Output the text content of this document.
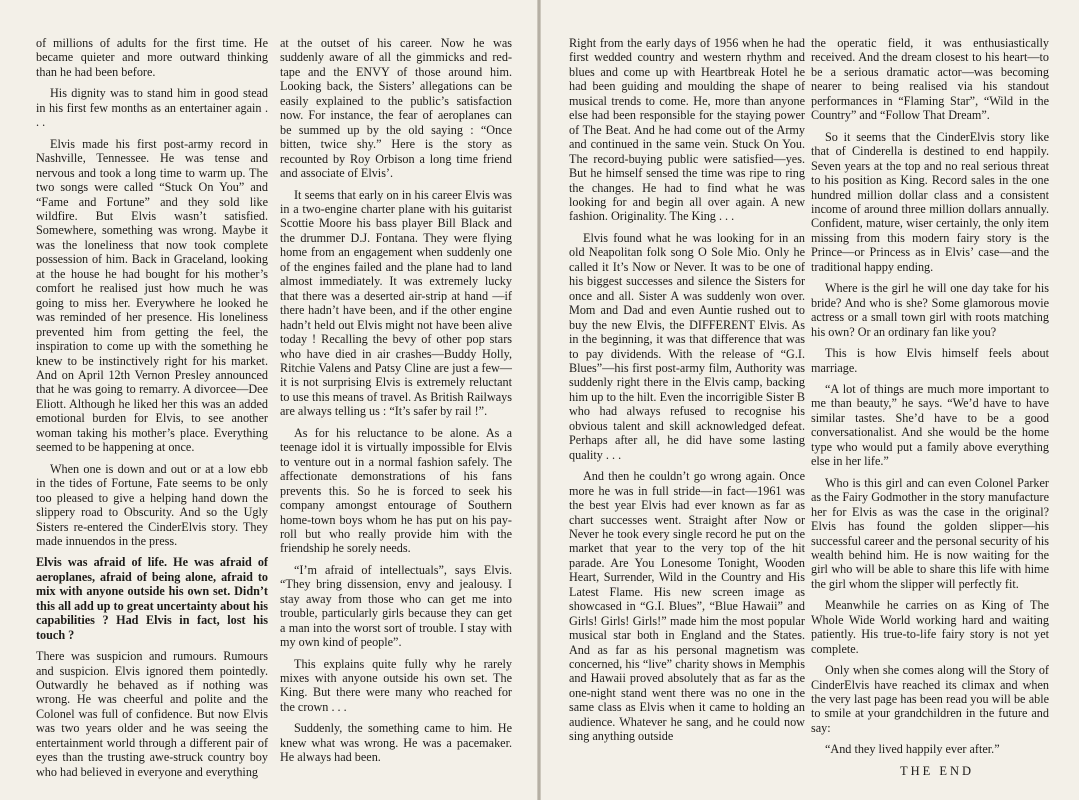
of millions of adults for the first time. He became quieter and more outward thinking than he had been before.

His dignity was to stand him in good stead in his first few months as an entertainer again . . .

Elvis made his first post-army record in Nashville, Tennessee. He was tense and nervous and took a long time to warm up. The two songs were called “Stuck On You” and “Fame and Fortune” and they sold like wildfire. But Elvis wasn’t satisfied. Somewhere, something was wrong. Maybe it was the loneliness that now took complete possession of him. Back in Graceland, looking at the house he had bought for his mother’s comfort he realised just how much he was going to miss her. Everywhere he looked he was reminded of her presence. His loneliness prevented him from getting the feel, the inspiration to come up with the something he knew to be instinctively right for his market. And on April 12th Vernon Presley announced that he was going to remarry. A divorcee—Dee Eliott. Although he liked her this was an added emotional burden for Elvis, to see another woman taking his mother’s place. Everything seemed to be happening at once.

When one is down and out or at a low ebb in the tides of Fortune, Fate seems to be only too pleased to give a helping hand down the slippery road to Obscurity. And so the Ugly Sisters re-entered the CinderElvis story. They made innuendos in the press.

Elvis was afraid of life. He was afraid of aeroplanes, afraid of being alone, afraid to mix with anyone outside his own set. Didn’t this all add up to great uncertainty about his capabilities ? Had Elvis in fact, lost his touch ?

There was suspicion and rumours. Rumours and suspicion. Elvis ignored them pointedly. Outwardly he behaved as if nothing was wrong. He was cheerful and polite and the Colonel was full of confidence. But now Elvis was two years older and he was seeing the entertainment world through a different pair of eyes than the trusting awe-struck country boy who had believed in everyone and everything

at the outset of his career. Now he was suddenly aware of all the gimmicks and red-tape and the ENVY of those around him. Looking back, the Sisters’ allegations can be easily explained to the public’s satisfaction now. For instance, the fear of aeroplanes can be summed up by the old saying : “Once bitten, twice shy.” Here is the story as recounted by Roy Orbison a long time friend and associate of Elvis’.

It seems that early on in his career Elvis was in a two-engine charter plane with his guitarist Scottie Moore his bass player Bill Black and the drummer D.J. Fontana. They were flying home from an engagement when suddenly one of the engines failed and the plane had to land almost immediately. It was extremely lucky that there was a deserted air-strip at hand —if there hadn’t have been, and if the other engine hadn’t held out Elvis might not have been alive today ! Recalling the bevy of other pop stars who have died in air crashes—Buddy Holly, Ritchie Valens and Patsy Cline are just a few—it is not surprising Elvis is extremely reluctant to use this means of travel. As British Railways are always telling us : “It’s safer by rail !”.

As for his reluctance to be alone. As a teenage idol it is virtually impossible for Elvis to venture out in a normal fashion safely. The affectionate demonstrations of his fans prevents this. So he is forced to seek his company amongst entourage of Southern home-town boys whom he has put on his pay-roll but who really provide him with the friendship he sorely needs.

“I’m afraid of intellectuals”, says Elvis. “They bring dissension, envy and jealousy. I stay away from those who can get me into trouble, particularly girls because they can get a man into the worst sort of trouble. I stay with my own kind of people”.

This explains quite fully why he rarely mixes with anyone outside his own set. The King. But there were many who reached for the crown . . .

Suddenly, the something came to him. He knew what was wrong. He was a pacemaker. He always had been.

Right from the early days of 1956 when he had first wedded country and western rhythm and blues and come up with Heartbreak Hotel he had been guiding and moulding the shape of musical trends to come. He, more than anyone else had been responsible for the staying power of The Beat. And he had come out of the Army and continued in the same vein. Stuck On You. The record-buying public were satisfied—yes. But he himself sensed the time was ripe to ring the changes. He had to find what he was looking for and begin all over again. A new fashion. Originality. The King . . .

Elvis found what he was looking for in an old Neapolitan folk song O Sole Mio. Only he called it It’s Now or Never. It was to be one of his biggest successes and silence the Sisters for once and all. Sister A was suddenly won over. Mom and Dad and even Auntie rushed out to buy the new Elvis, the DIFFERENT Elvis. As in the beginning, it was that difference that was to pay dividends. With the release of “G.I. Blues”—his first post-army film, Authority was suddenly right there in the Elvis camp, backing him up to the hilt. Even the incorrigible Sister B who had always refused to recognise his obvious talent and skill acknowledged defeat. Perhaps after all, he did have some lasting quality . . .

And then he couldn’t go wrong again. Once more he was in full stride—in fact—1961 was the best year Elvis had ever known as far as chart successes went. Straight after Now or Never he took every single record he put on the market that year to the very top of the hit parade. Are You Lonesome Tonight, Wooden Heart, Surrender, Wild in the Country and His Latest Flame. His new screen image as showcased in “G.I. Blues”, “Blue Hawaii” and Girls! Girls! Girls!” made him the most popular musical star both in England and the States. And as far as his personal magnetism was concerned, his “live” charity shows in Memphis and Hawaii proved absolutely that as far as the one-night stand went there was no one in the same class as Elvis when it came to holding an audience. Whatever he sang, and he could now sing anything outside

the operatic field, it was enthusiastically received. And the dream closest to his heart—to be a serious dramatic actor—was becoming nearer to being realised via his standout performances in “Flaming Star”, “Wild in the Country” and “Follow That Dream”.

So it seems that the CinderElvis story like that of Cinderella is destined to end happily. Seven years at the top and no real serious threat to his position as King. Record sales in the one hundred million dollar class and a consistent income of around three million dollars annually. Confident, mature, wiser certainly, the only item missing from this modern fairy story is the Prince—or Princess as in Elvis’ case—and the traditional happy ending.

Where is the girl he will one day take for his bride? And who is she? Some glamorous movie actress or a small town girl with roots matching his own? Or an ordinary fan like you?

This is how Elvis himself feels about marriage.

“A lot of things are much more important to me than beauty,” he says. “We’d have to have similar tastes. She’d have to be a good conversationalist. And she would be the home type who would put a family above everything else in her life.”

Who is this girl and can even Colonel Parker as the Fairy Godmother in the story manufacture her for Elvis as was the case in the original? Elvis has found the golden slipper—his successful career and the personal security of his wealth behind him. He is now waiting for the girl who will be able to share this life with hime the girl whom the slipper will perfectly fit.

Meanwhile he carries on as King of The Whole Wide World working hard and waiting patiently. His true-to-life fairy story is not yet complete.

Only when she comes along will the Story of CinderElvis have reached its climax and when the very last page has been read you will be able to smile at your grandchildren in the future and say:

“And they lived happily ever after.”

THE END
